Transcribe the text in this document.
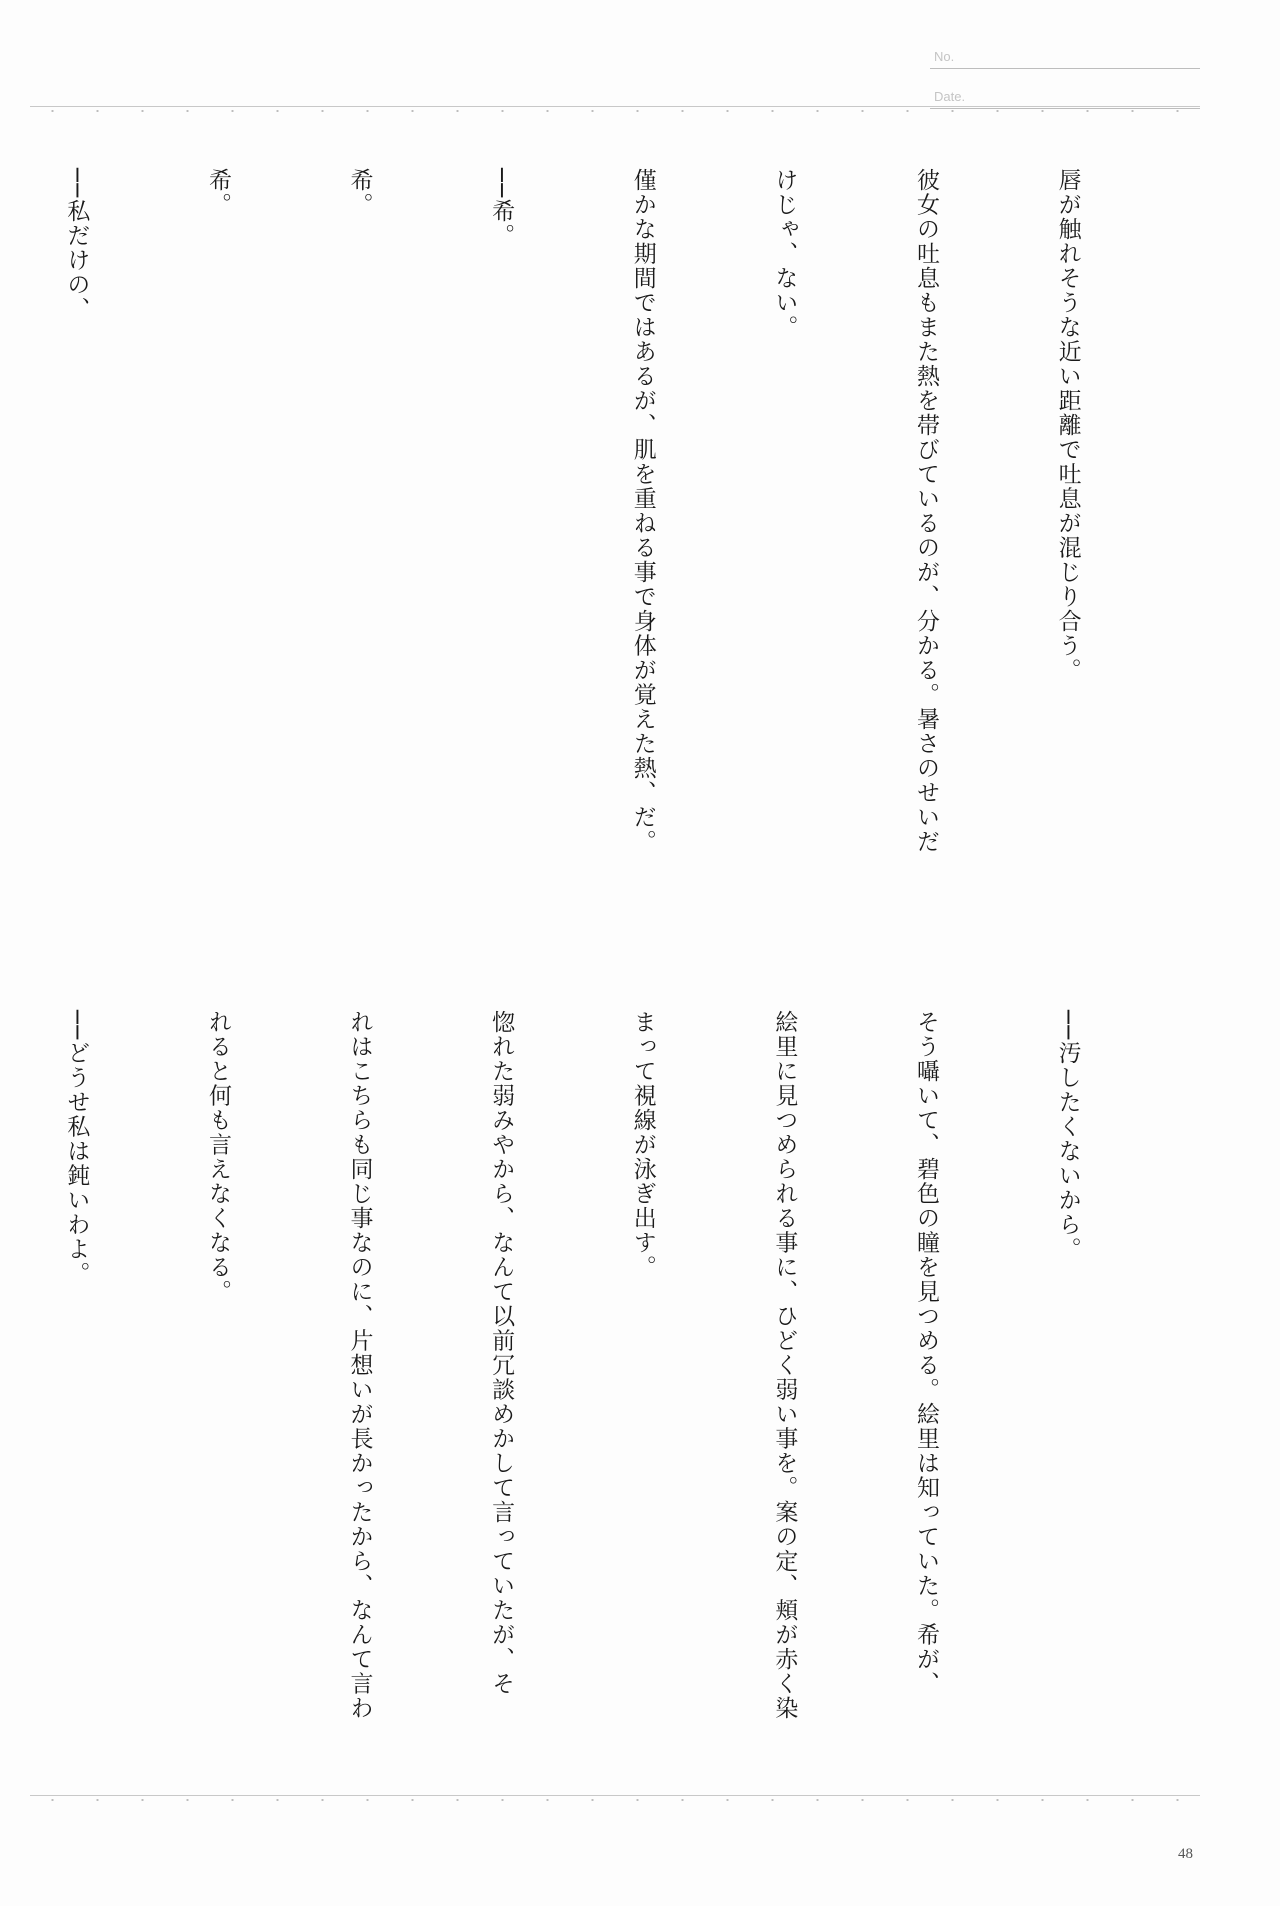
No.
Date.

唇が触れそうな近い距離で吐息が混じり合う。

彼女の吐息もまた熱を帯びているのが、分かる。暑さのせいだ

けじゃ、ない。

僅かな期間ではあるが、肌を重ねる事で身体が覚えた熱、だ。

──希。

希。

希。

──私だけの、

──汚したくないから。

そう囁いて、碧色の瞳を見つめる。絵里は知っていた。希が、

絵里に見つめられる事に、ひどく弱い事を。案の定、頬が赤く染

まって視線が泳ぎ出す。

惚れた弱みやから、なんて以前冗談めかして言っていたが、そ

れはこちらも同じ事なのに、片想いが長かったから、なんて言わ

れると何も言えなくなる。

──どうせ私は鈍いわよ。

48
